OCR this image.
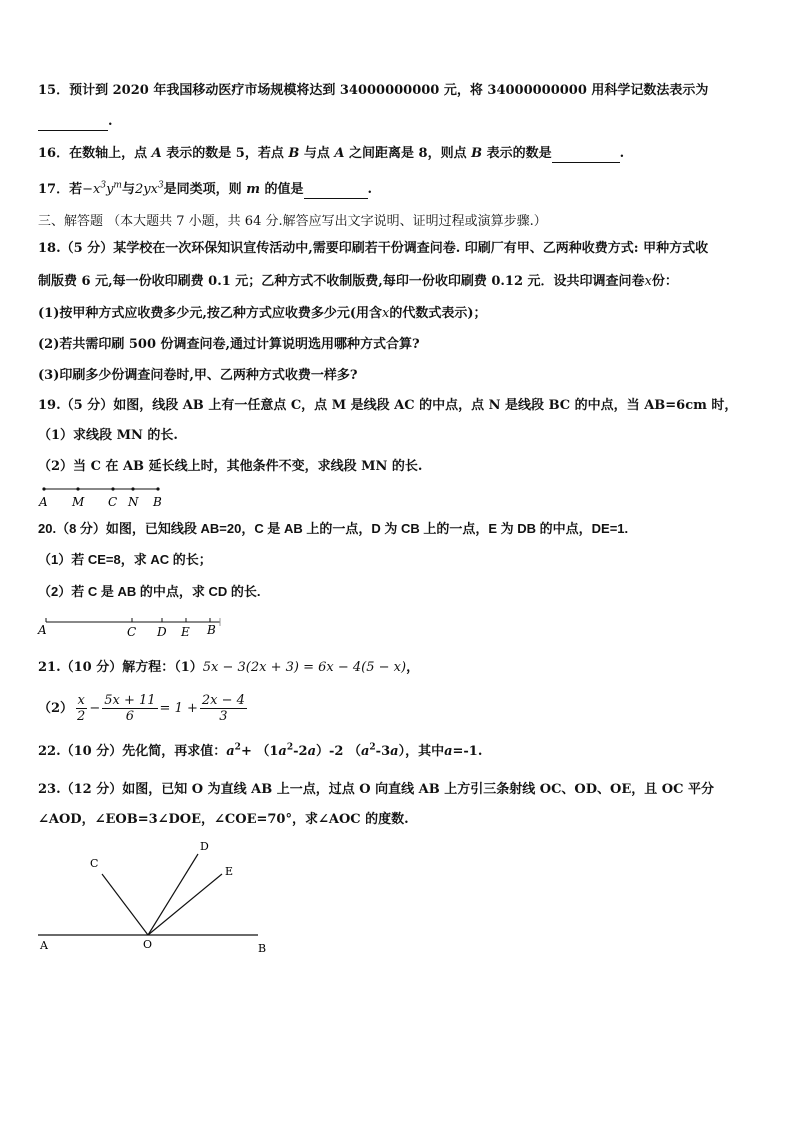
15．预计到 2020 年我国移动医疗市场规模将达到 34000000000 元，将 34000000000 用科学记数法表示为
.
16．在数轴上，点 A 表示的数是 5，若点 B 与点 A 之间距离是 8，则点 B 表示的数是	.
17．若$-x^3y^m$与$2yx^3$是同类项，则 m 的值是	.
三、解答题 （本大题共 7 小题，共 64 分.解答应写出文字说明、证明过程或演算步骤.）
18.（5 分）某学校在一次环保知识宣传活动中,需要印刷若干份调查问卷. 印刷厂有甲、乙两种收费方式: 甲种方式收
制版费 6 元,每一份收印刷费 0.1 元；乙种方式不收制版费,每印一份收印刷费 0.12 元．设共印调查问卷x份：
(1)按甲种方式应收费多少元,按乙种方式应收费多少元(用含x的代数式表示)；
(2)若共需印刷 500 份调查问卷,通过计算说明选用哪种方式合算?
(3)印刷多少份调查问卷时,甲、乙两种方式收费一样多?
19.（5 分）如图，线段 AB 上有一任意点 C，点 M 是线段 AC 的中点，点 N 是线段 BC 的中点，当 AB=6cm 时，
（1）求线段 MN 的长.
（2）当 C 在 AB 延长线上时，其他条件不变，求线段 MN 的长.
A M C N B
20.（8 分）如图，已知线段 AB=20，C 是 AB 上的一点，D 为 CB 上的一点，E 为 DB 的中点，DE=1.
（1）若 CE=8，求 AC 的长；
（2）若 C 是 AB 的中点，求 CD 的长.
A	C D E B
21.（10 分）解方程：（1）5x − 3(2x + 3) = 6x − 4(5 − x)，
$(2) \frac{x}{2} - \frac{5x + 11}{6} = 1 + \frac{2x - 4}{3}$
22.（10 分）先化简，再求值：$a^2+ (1a^2-2a)-2$ $(a^2-3a)$，其中a=-1.
23.（12 分）如图，已知 O 为直线 AB 上一点，过点 O 向直线 AB 上方引三条射线 OC、OD、OE，且 OC 平分
∠AOD，∠EOB=3∠DOE，∠COE=70°，求∠AOC 的度数.
C
D
E
A	O	B
